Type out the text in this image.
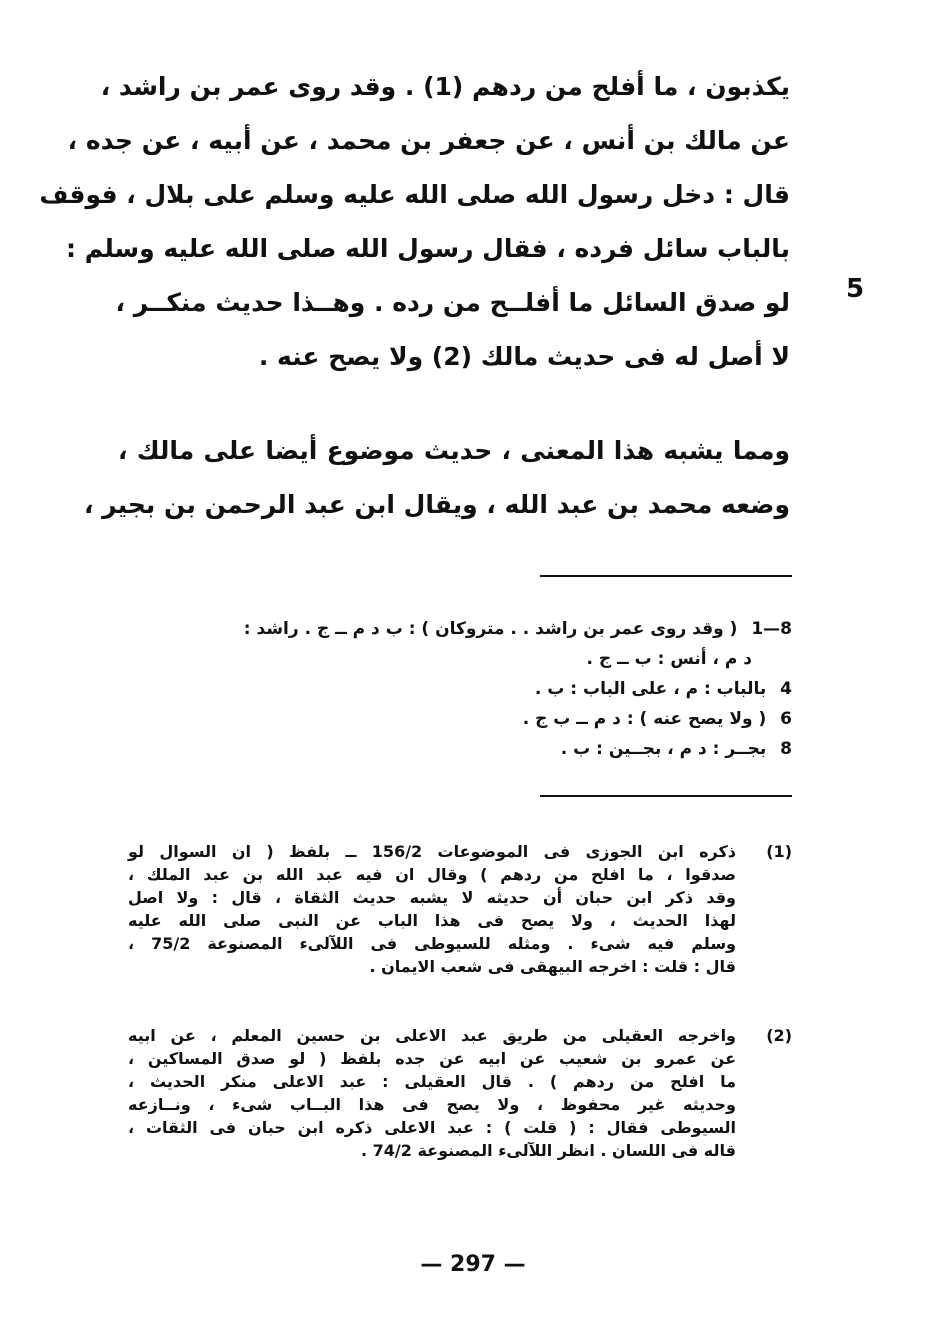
يكذبون ، ما أفلح من ردهم (1) . وقد روى عمر بن راشد ،
عن مالك بن أنس ، عن جعفر بن محمد ، عن أبيه ، عن جده ،
قال : دخل رسول الله صلى الله عليه وسلم على بلال ، فوقف
بالباب سائل فرده ، فقال رسول الله صلى الله عليه وسلم :
لو صدق السائل ما أفلــح من رده . وهــذا حديث منكــر ،
لا أصل له فى حديث مالك (2) ولا يصح عنه .
ومما يشبه هذا المعنى ، حديث موضوع أيضا على مالك ،
وضعه محمد بن عبد الله ، ويقال ابن عبد الرحمن بن بجير ،
5
8—1 ( وقد روى عمر بن راشد . . متروكان ) : ب د م ــ ج . راشد :
د م ، أنس : ب ــ ج .
4 بالباب : م ، على الباب : ب .
6 ( ولا يصح عنه ) : د م ــ ب ج .
8 بجــر : د م ، بجــين : ب .
(1)
ذكره ابن الجوزى فى الموضوعات 156/2 ــ بلفظ ( ان السوال لو
صدقوا ، ما افلح من ردهم ) وقال ان فيه عبد الله بن عبد الملك ،
وقد ذكر ابن حبان أن حديثه لا يشبه حديث الثقاة ، قال : ولا اصل
لهذا الحديث ، ولا يصح فى هذا الباب عن النبى صلى الله عليه
وسلم فيه شىء . ومثله للسيوطى فى اللآلىء المصنوعة 75/2 ،
قال : قلت : اخرجه البيهقى فى شعب الايمان .
(2)
واخرجه العقيلى من طريق عبد الاعلى بن حسين المعلم ، عن ابيه
عن عمرو بن شعيب عن ابيه عن جده بلفظ ( لو صدق المساكين ،
ما افلح من ردهم ) . قال العقيلى : عبد الاعلى منكر الحديث ،
وحديثه غير محفوظ ، ولا يصح فى هذا البــاب شىء ، ونــازعه
السيوطى فقال : ( قلت ) : عبد الاعلى ذكره ابن حبان فى الثقات ،
قاله فى اللسان . انظر اللآلىء المصنوعة 74/2 .
— 297 —
